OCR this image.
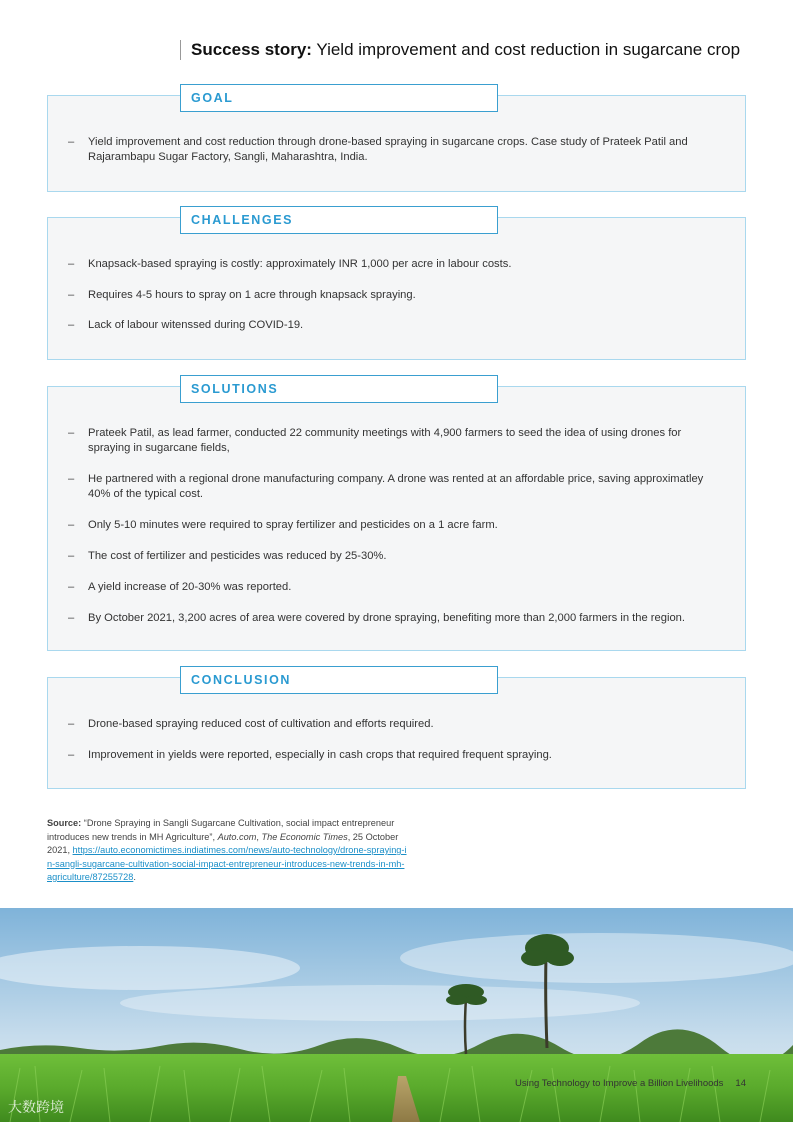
Success story: Yield improvement and cost reduction in sugarcane crop
GOAL
– Yield improvement and cost reduction through drone-based spraying in sugarcane crops. Case study of Prateek Patil and Rajarambapu Sugar Factory, Sangli, Maharashtra, India.
CHALLENGES
– Knapsack-based spraying is costly: approximately INR 1,000 per acre in labour costs.
– Requires 4-5 hours to spray on 1 acre through knapsack spraying.
– Lack of labour witenssed during COVID-19.
SOLUTIONS
– Prateek Patil, as lead farmer, conducted 22 community meetings with 4,900 farmers to seed the idea of using drones for spraying in sugarcane fields,
– He partnered with a regional drone manufacturing company. A drone was rented at an affordable price, saving approximatley 40% of the typical cost.
– Only 5-10 minutes were required to spray fertilizer and pesticides on a 1 acre farm.
– The cost of fertilizer and pesticides was reduced by 25-30%.
– A yield increase of 20-30% was reported.
– By October 2021, 3,200 acres of area were covered by drone spraying, benefiting more than 2,000 farmers in the region.
CONCLUSION
– Drone-based spraying reduced cost of cultivation and efforts required.
– Improvement in yields were reported, especially in cash crops that required frequent spraying.
Source: “Drone Spraying in Sangli Sugarcane Cultivation, social impact entrepreneur introduces new trends in MH Agriculture”, Auto.com, The Economic Times, 25 October 2021, https://auto.economictimes.indiatimes.com/news/auto-technology/drone-spraying-in-sangli-sugarcane-cultivation-social-impact-entrepreneur-introduces-new-trends-in-mh-agriculture/87255728.
Using Technology to Improve a Billion Livelihoods 14
大数跨境
